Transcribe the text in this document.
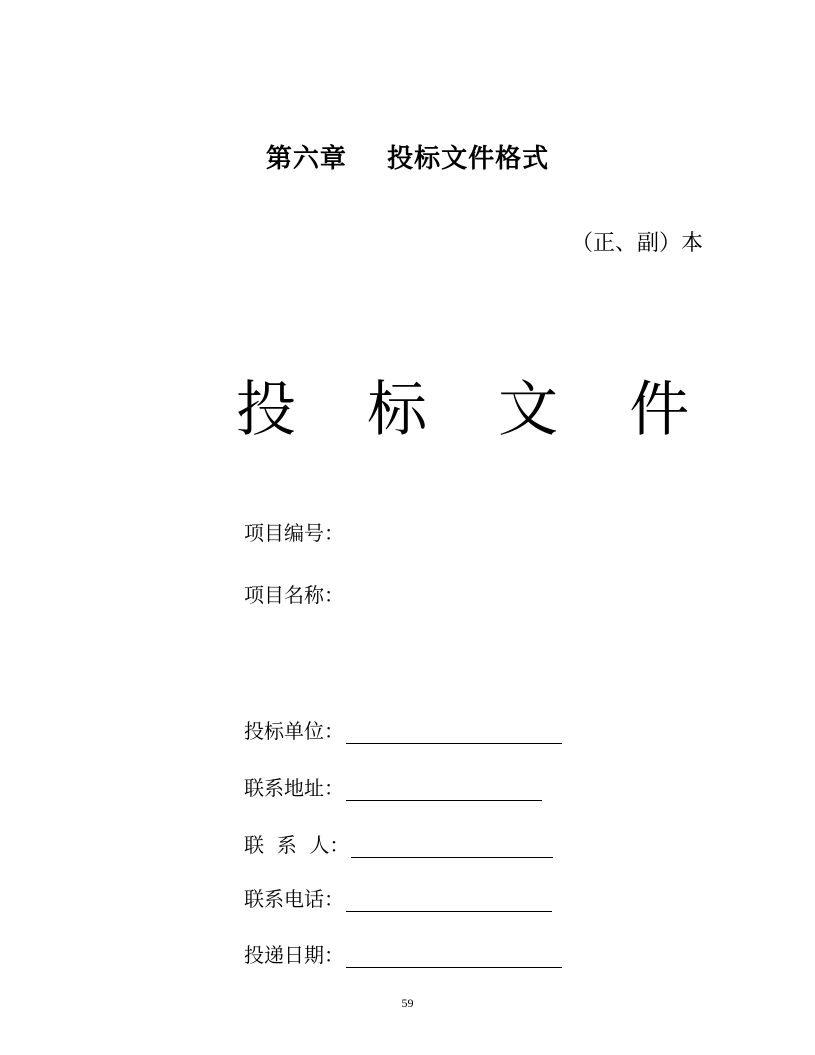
第六章    投标文件格式
（正、副）本
投 标 文 件
项目编号：
项目名称：
投标单位：
联系地址：
联  系  人：
联系电话：
投递日期：
59
